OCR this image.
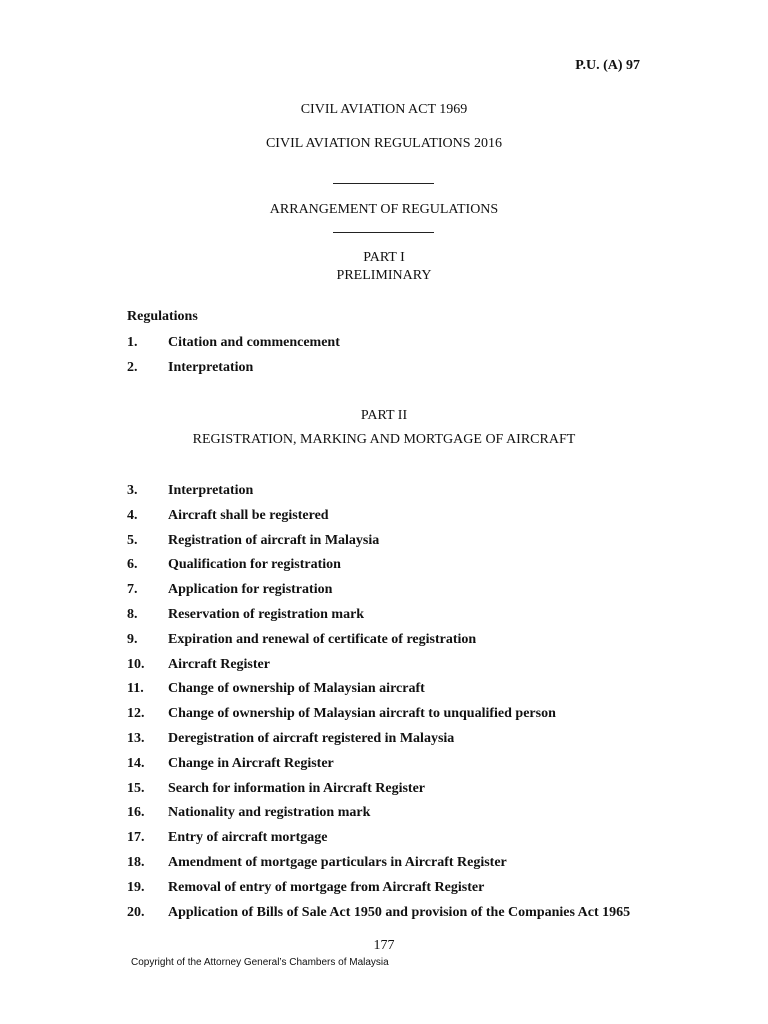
P.U. (A) 97
CIVIL AVIATION ACT 1969
CIVIL AVIATION REGULATIONS 2016
ARRANGEMENT OF REGULATIONS
PART I
PRELIMINARY
Regulations
1.	Citation and commencement
2.	Interpretation
PART II
REGISTRATION, MARKING AND MORTGAGE OF AIRCRAFT
3.	Interpretation
4.	Aircraft shall be registered
5.	Registration of aircraft in Malaysia
6.	Qualification for registration
7.	Application for registration
8.	Reservation of registration mark
9.	Expiration and renewal of certificate of registration
10.	Aircraft Register
11.	Change of ownership of Malaysian aircraft
12.	Change of ownership of Malaysian aircraft to unqualified person
13.	Deregistration of aircraft registered in Malaysia
14.	Change in Aircraft Register
15.	Search for information in Aircraft Register
16.	Nationality and registration mark
17.	Entry of aircraft mortgage
18.	Amendment of mortgage particulars in Aircraft Register
19.	Removal of entry of mortgage from Aircraft Register
20.	Application of Bills of Sale Act 1950 and provision of the Companies Act 1965
177
Copyright of the Attorney General’s Chambers of Malaysia
